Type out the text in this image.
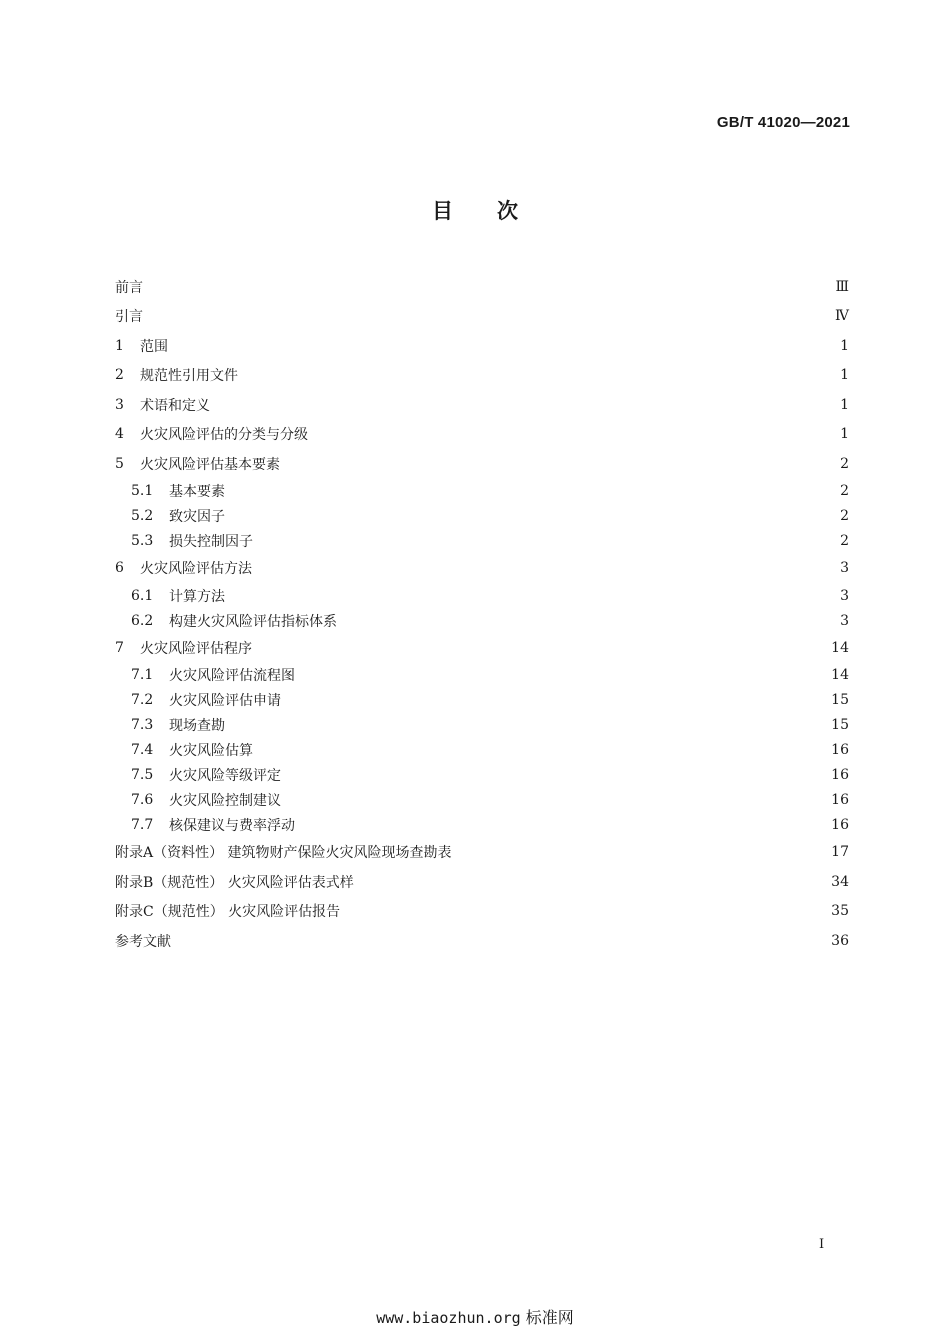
GB/T 41020—2021
目次
前言	Ⅲ
引言	Ⅳ
1	范围	1
2	规范性引用文件	1
3	术语和定义	1
4	火灾风险评估的分类与分级	1
5	火灾风险评估基本要素	2
5.1	基本要素	2
5.2	致灾因子	2
5.3	损失控制因子	2
6	火灾风险评估方法	3
6.1	计算方法	3
6.2	构建火灾风险评估指标体系	3
7	火灾风险评估程序	14
7.1	火灾风险评估流程图	14
7.2	火灾风险评估申请	15
7.3	现场查勘	15
7.4	火灾风险估算	16
7.5	火灾风险等级评定	16
7.6	火灾风险控制建议	16
7.7	核保建议与费率浮动	16
附录A（资料性） 建筑物财产保险火灾风险现场查勘表	17
附录B（规范性） 火灾风险评估表式样	34
附录C（规范性） 火灾风险评估报告	35
参考文献	36
I
www.biaozhun.org 标准网
